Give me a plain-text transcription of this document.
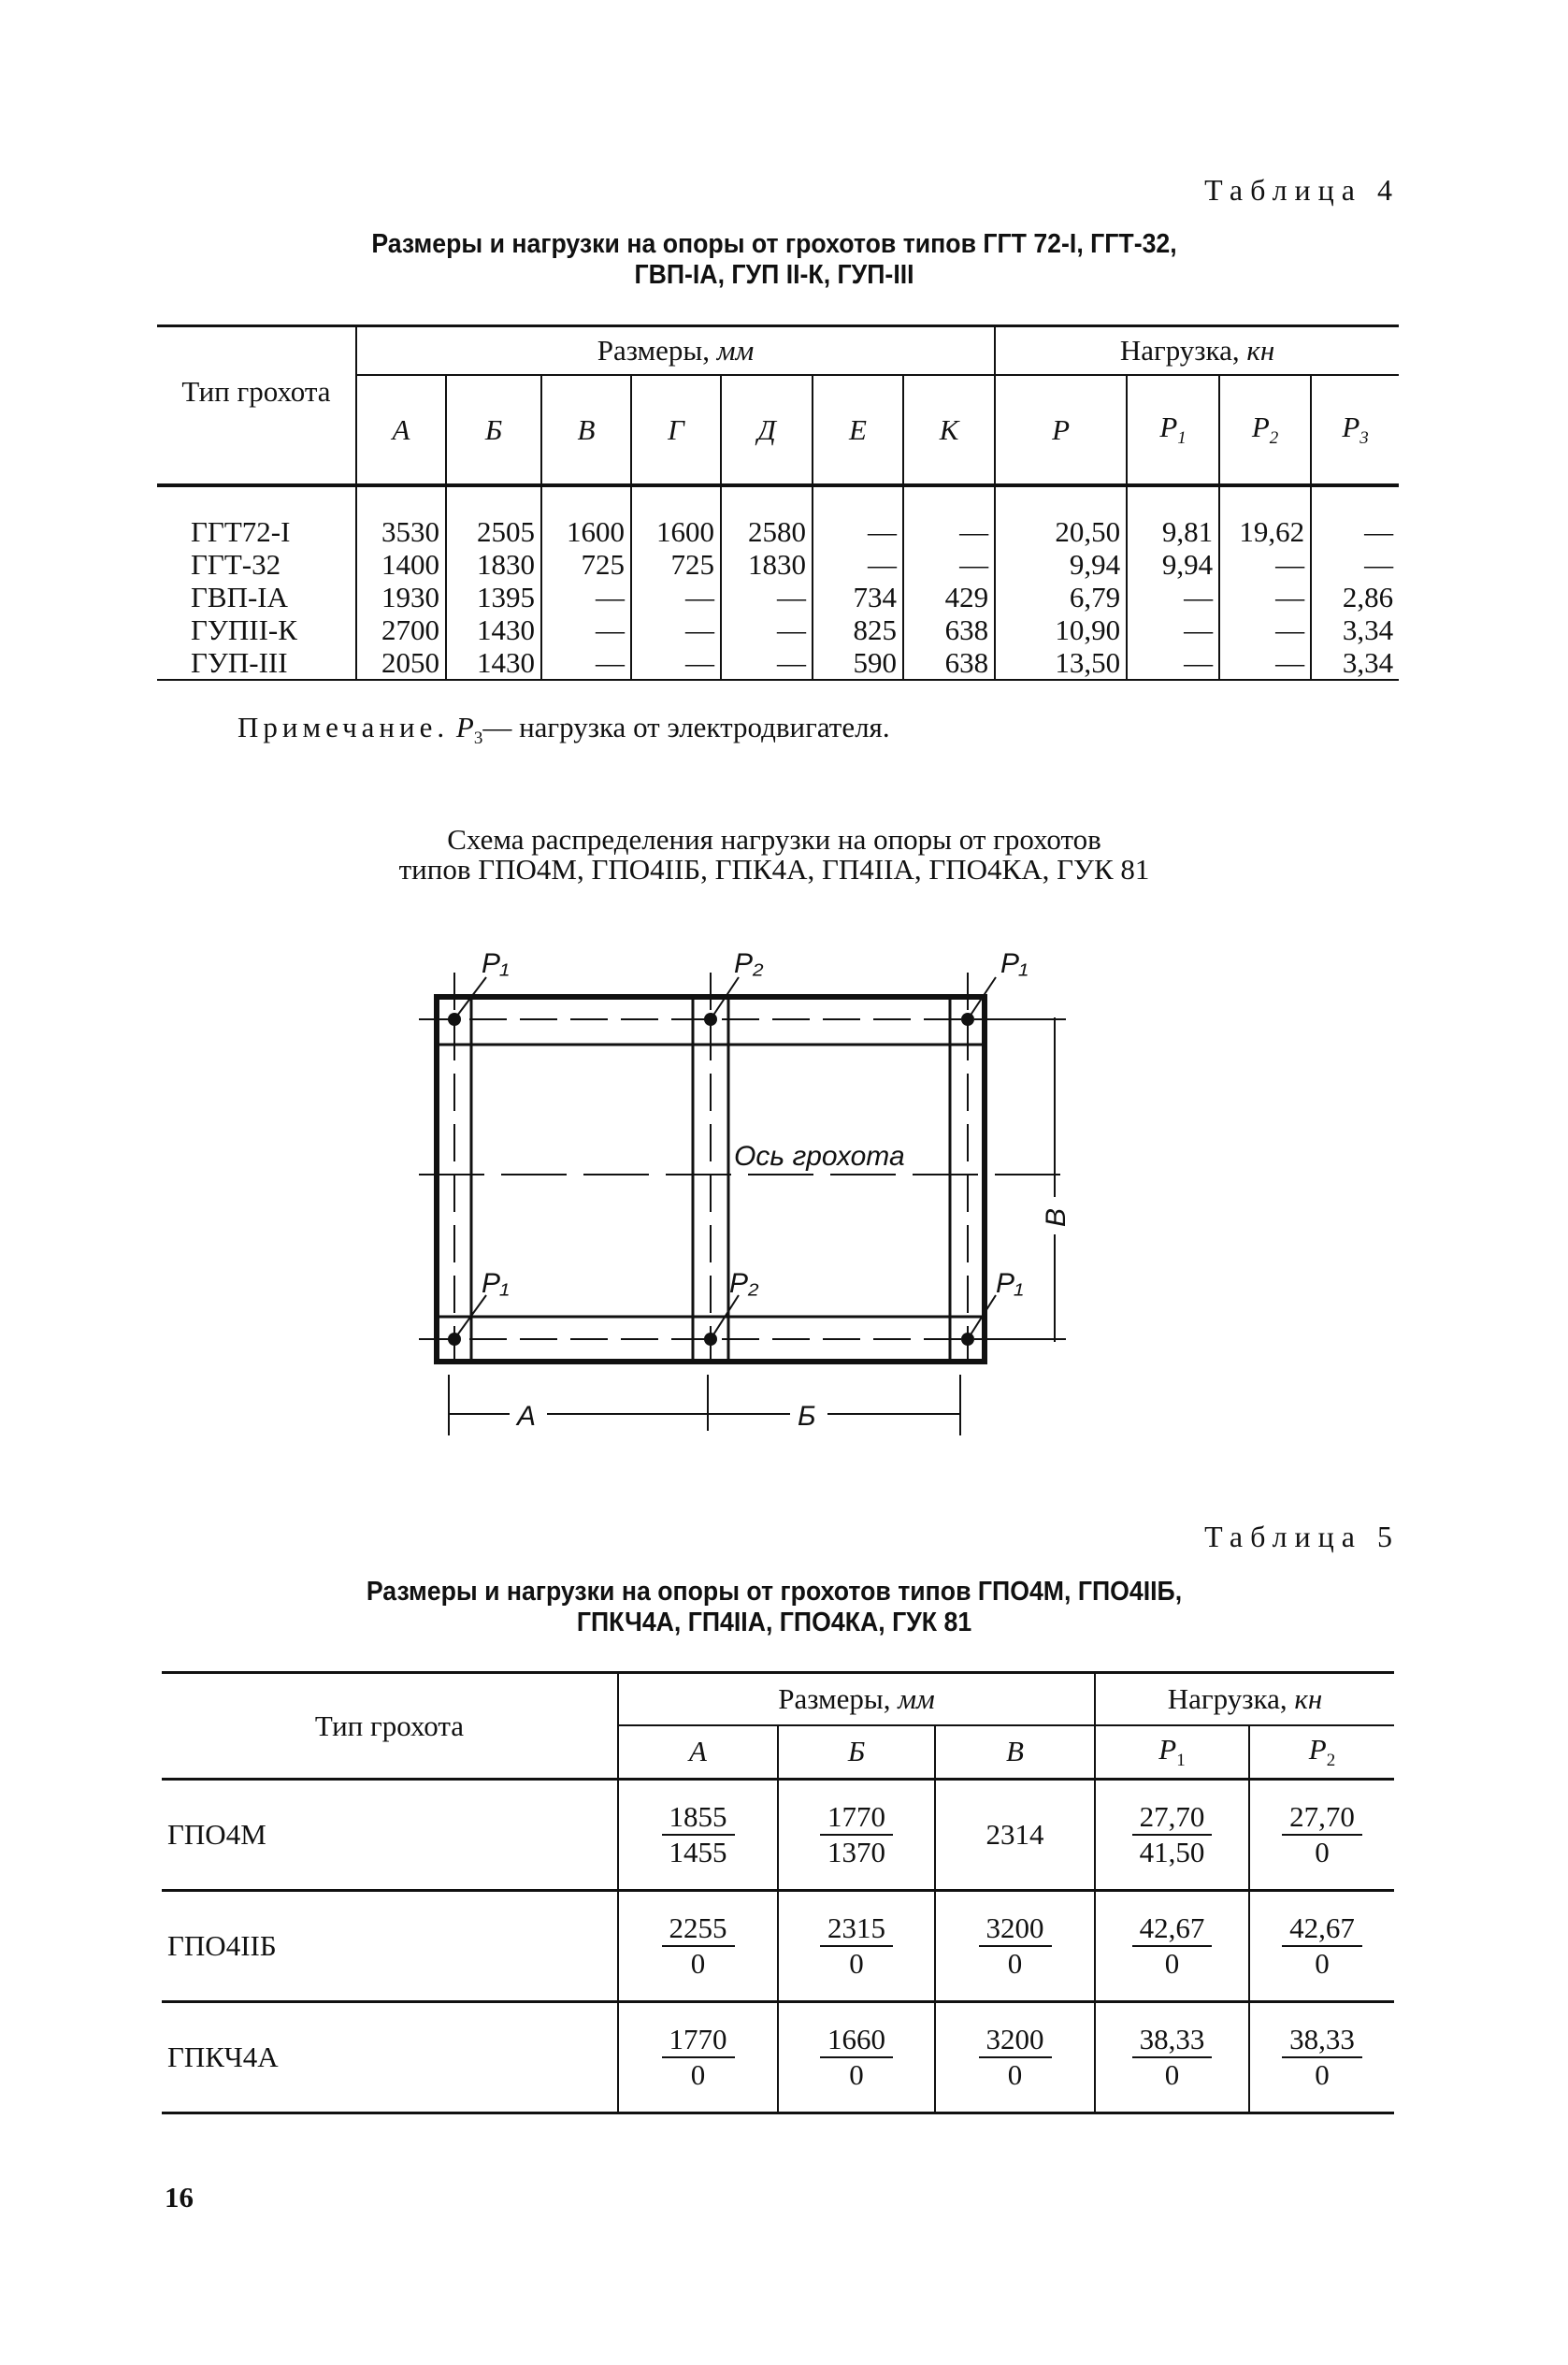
Таблица 4
Размеры и нагрузки на опоры от грохотов типов ГГТ 72-I, ГГТ-32,
ГВП-IА, ГУП II-К, ГУП-III
Тип грохота	Размеры, мм							Нагрузка, кн			
	А	Б	В	Г	Д	Е	К	P	$P_1$	$P_2$	$P_3$
ГГТ72-I	3530	2505	1600	1600	2580	—	—	20,50	9,81	19,62	—
ГГТ-32	1400	1830	725	725	1830	—	—	9,94	9,94	—	—
ГВП-IА	1930	1395	—	—	—	734	429	6,79	—	—	2,86
ГУПII-К	2700	1430	—	—	—	825	638	10,90	—	—	3,34
ГУП-III	2050	1430	—	—	—	590	638	13,50	—	—	3,34
Примечание. $P_3—$ нагрузка от электродвигателя.
Схема распределения нагрузки на опоры от грохотов
типов ГПО4М, ГПО4IIБ, ГПК4А, ГП4IIА, ГПО4КА, ГУК 81
Ось грохота
P₁	P₂	P₁
P₁	P₂	P₁
А	Б
В
Таблица 5
Размеры и нагрузки на опоры от грохотов типов ГПО4М, ГПО4IIБ,
ГПКЧ4А, ГП4IIА, ГПО4КА, ГУК 81
Тип грохота	Размеры, мм			Нагрузка, кн	
	А	Б	В	$P_1$	$P_2$
ГПО4М	$\frac{1855}{1455}$	$\frac{1770}{1370}$	2314	$\frac{27,70}{41,50}$	$\frac{27,70}{0}$

ГПО4IIБ	$\frac{2255}{0}$	$\frac{2315}{0}$	$\frac{3200}{0}$	$\frac{42,67}{0}$	$\frac{42,67}{0}$

ГПКЧ4А	$\frac{1770}{0}$	$\frac{1660}{0}$	$\frac{3200}{0}$	$\frac{38,33}{0}$	$\frac{38,33}{0}$
16
